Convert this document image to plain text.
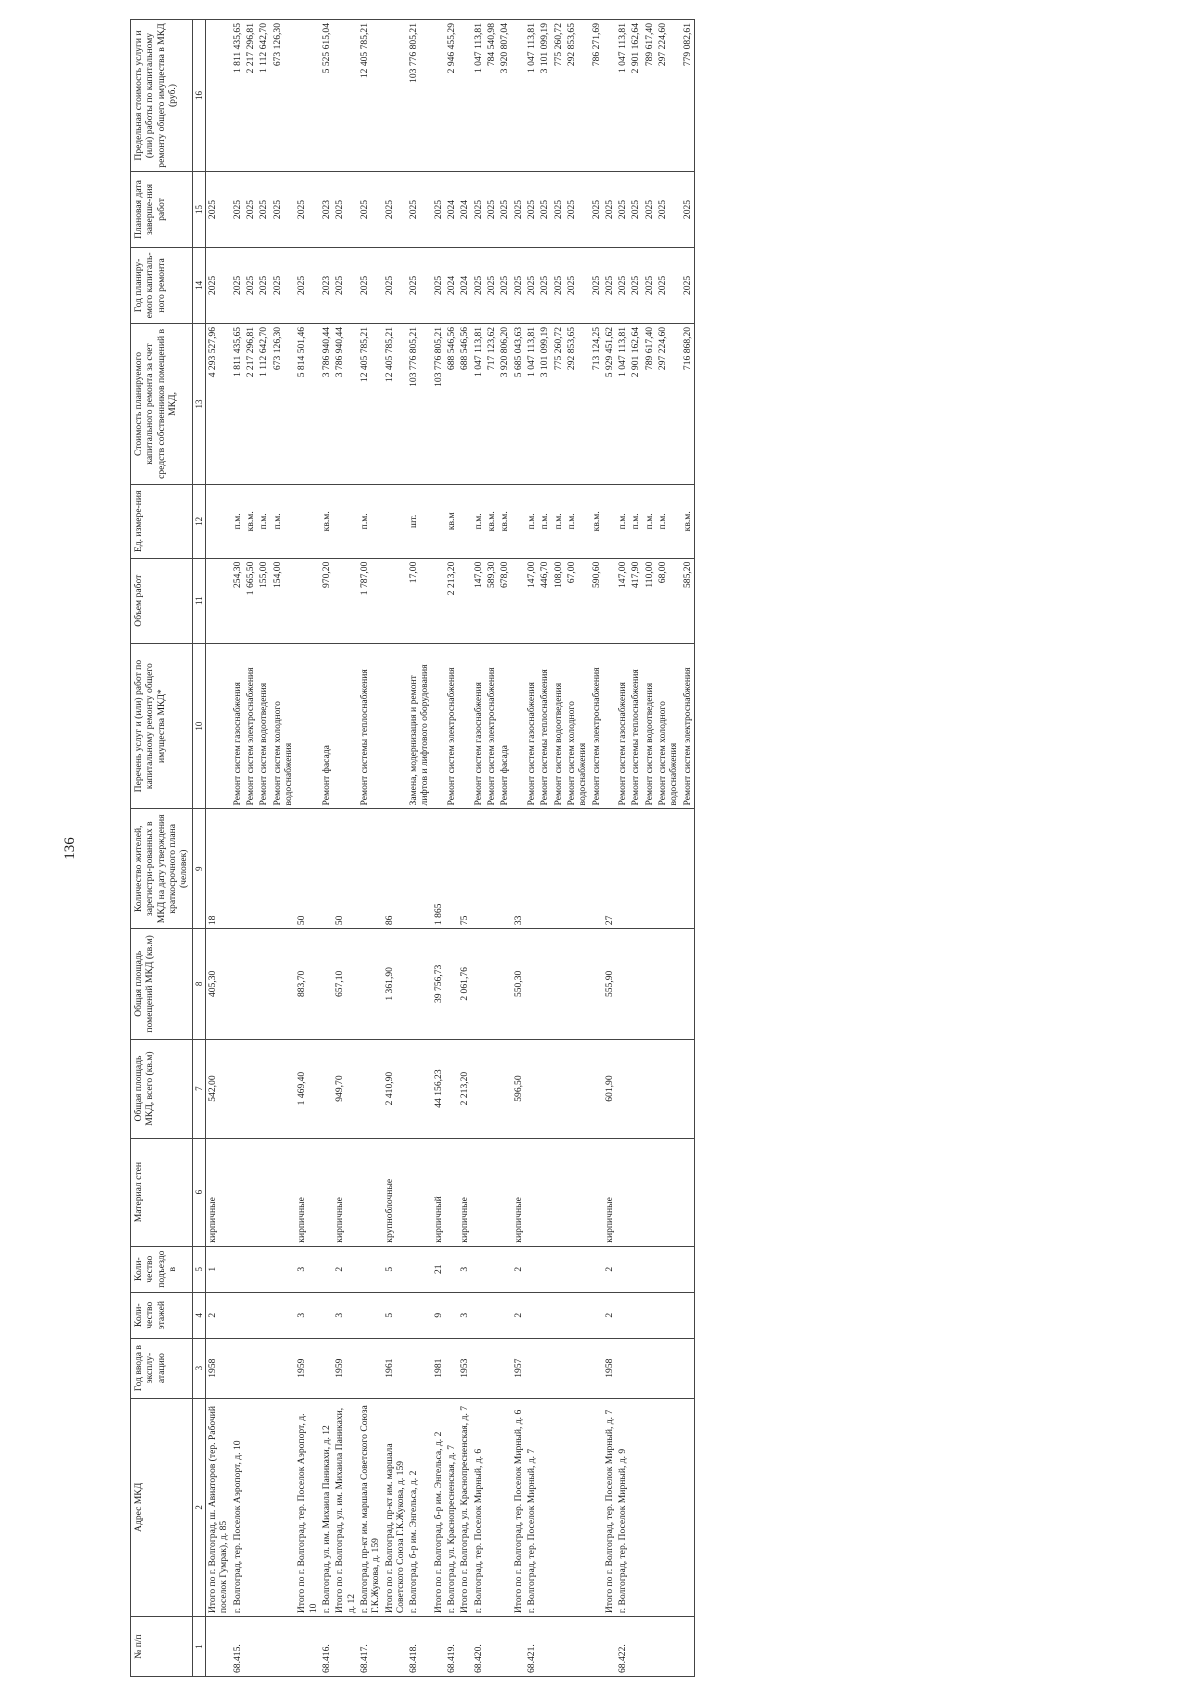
136
№ п/п	Адрес МКД	Год ввода в эксплу-атацию	Коли-чество этажей	Коли-чество подъездо в	Материал стен	Общая площадь МКД, всего (кв.м)	Общая площадь помещений МКД (кв.м)	Количество жителей, зарегистри-рованных в МКД на дату утверждения краткосрочного плана (человек)	Перечень услуг и (или) работ по капитальному ремонту общего имущества МКД*	Объем работ	Ед. измере-ния	Стоимость планируемого капитального ремонта за счет средств собственников помещений в МКД,	Год планиру-емого капиталь-ного ремонта	Плановая дата заверше-ния работ	Предельная стоимость услуги и (или) работы по капитальному ремонту общего имущества в МКД (руб.)
1	2	3	4	5	6	7	8	9	10	11	12	13	14	15	16
	Итого по г. Волгоград, ш. Авиаторов (тер. Рабочий поселок Гумрак), д. 85	1958	2	1	кирпичные	542,00	405,30	18				4 293 527,96	2025	2025	
68.415.	г. Волгоград, тер. Поселок Аэропорт, д. 10								Ремонт систем газоснабжения	254,30	п.м.	1 811 435,65	2025	2025	1 811 435,65
									Ремонт систем электроснабжения	1 665,50	кв.м.	2 217 296,81	2025	2025	2 217 296,81
									Ремонт систем водоотведения	155,00	п.м.	1 112 642,70	2025	2025	1 112 642,70
									Ремонт систем холодного водоснабжения	154,00	п.м.	673 126,30	2025	2025	673 126,30
	Итого по г. Волгоград, тер. Поселок Аэропорт, д. 10	1959	3	3	кирпичные	1 469,40	883,70	50				5 814 501,46	2025	2025	
68.416.	г. Волгоград, ул. им. Михаила Паникахи, д. 12								Ремонт фасада	970,20	кв.м.	3 786 940,44	2023	2023	5 525 615,04
	Итого по г. Волгоград, ул. им. Михаила Паникахи, д. 12	1959	3	2	кирпичные	949,70	657,10	50				3 786 940,44	2025	2025	
68.417.	г. Волгоград, пр-кт им. маршала Советского Союза Г.К.Жукова, д. 159								Ремонт системы теплоснабжения	1 787,00	п.м.	12 405 785,21	2025	2025	12 405 785,21
	Итого по г. Волгоград, пр-кт им. маршала Советского Союза Г.К.Жукова, д. 159	1961	5	5	крупноблочные	2 410,90	1 361,90	86				12 405 785,21	2025	2025	
68.418.	г. Волгоград, б-р им. Энгельса, д. 2								Замена, модернизация и ремонт лифтов и лифтового оборудования	17,00	шт.	103 776 805,21	2025	2025	103 776 805,21
	Итого по г. Волгоград, б-р им. Энгельса, д. 2	1981	9	21	кирпичный	44 156,23	39 756,73	1 865				103 776 805,21	2025	2025	
68.419.	г. Волгоград, ул. Краснопресненская, д. 7								Ремонт систем электроснабжения	2 213,20	кв.м	688 546,56	2024	2024	2 946 455,29
	Итого по г. Волгоград, ул. Краснопресненская, д. 7	1953	3	3	кирпичные	2 213,20	2 061,76	75				688 546,56	2024	2024	
68.420.	г. Волгоград, тер. Поселок Мирный, д. 6								Ремонт систем газоснабжения	147,00	п.м.	1 047 113,81	2025	2025	1 047 113,81
									Ремонт систем электроснабжения	589,30	кв.м.	717 123,62	2025	2025	784 540,98
									Ремонт фасада	678,00	кв.м.	3 920 806,20	2025	2025	3 920 807,04
	Итого по г. Волгоград, тер. Поселок Мирный, д. 6	1957	2	2	кирпичные	596,50	550,30	33				5 685 043,63	2025	2025	
68.421.	г. Волгоград, тер. Поселок Мирный, д. 7								Ремонт систем газоснабжения	147,00	п.м.	1 047 113,81	2025	2025	1 047 113,81
									Ремонт системы теплоснабжения	446,70	п.м.	3 101 099,19	2025	2025	3 101 099,19
									Ремонт систем водоотведения	108,00	п.м.	775 260,72	2025	2025	775 260,72
									Ремонт систем холодного водоснабжения	67,00	п.м.	292 853,65	2025	2025	292 853,65
									Ремонт систем электроснабжения	590,60	кв.м.	713 124,25	2025	2025	786 271,69
	Итого по г. Волгоград, тер. Поселок Мирный, д. 7	1958	2	2	кирпичные	601,90	555,90	27				5 929 451,62	2025	2025	
68.422.	г. Волгоград, тер. Поселок Мирный, д. 9								Ремонт систем газоснабжения	147,00	п.м.	1 047 113,81	2025	2025	1 047 113,81
									Ремонт системы теплоснабжения	417,90	п.м.	2 901 162,64	2025	2025	2 901 162,64
									Ремонт систем водоотведения	110,00	п.м.	789 617,40	2025	2025	789 617,40
									Ремонт систем холодного водоснабжения	68,00	п.м.	297 224,60	2025	2025	297 224,60
									Ремонт систем электроснабжения	585,20	кв.м.	716 868,20	2025	2025	779 082,61
